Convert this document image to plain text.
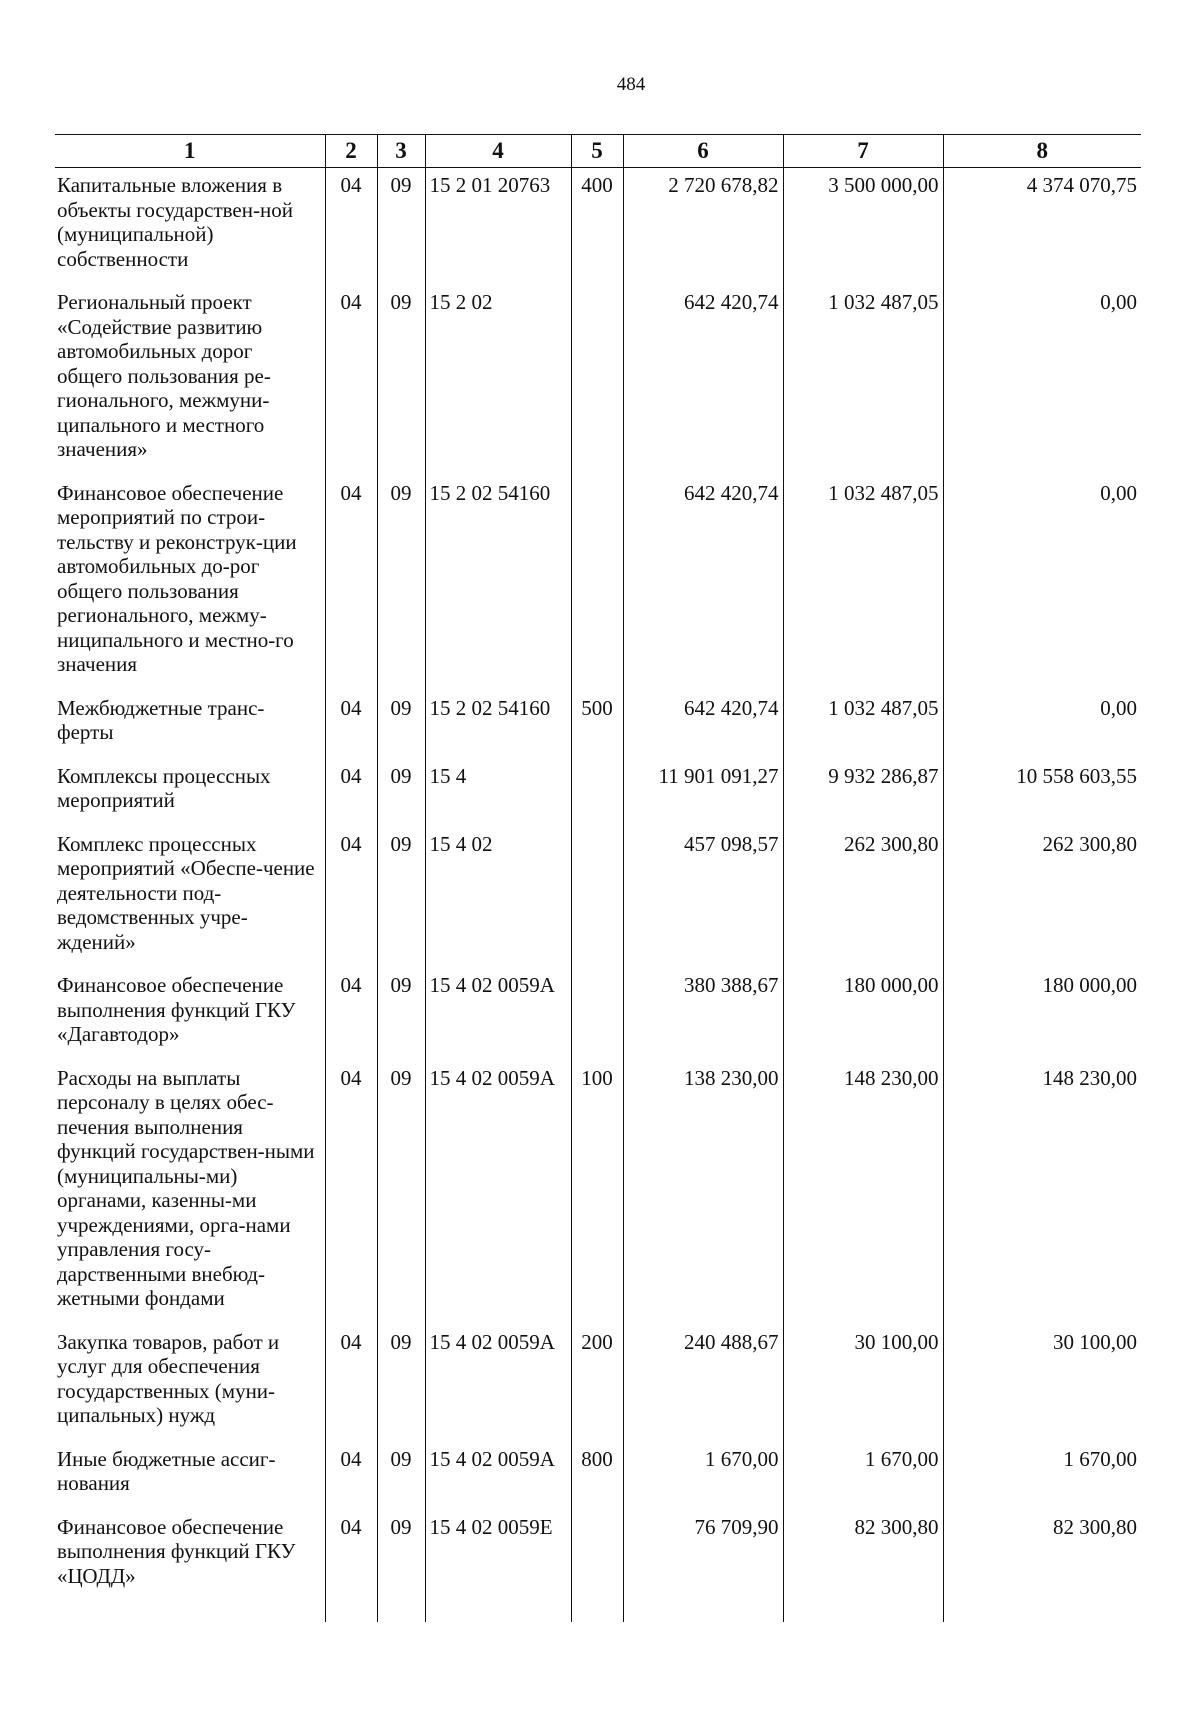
484
1	2	3	4	5	6	7	8
Капитальные вложения в объекты государствен-ной (муниципальной) собственности	04	09	15 2 01 20763	400	2 720 678,82	3 500 000,00	4 374 070,75
Региональный проект «Содействие развитию автомобильных дорог общего пользования ре-гионального, межмуни-ципального и местного значения»	04	09	15 2 02		642 420,74	1 032 487,05	0,00
Финансовое обеспечение мероприятий по строи-тельству и реконструк-ции автомобильных до-рог общего пользования регионального, межму-ниципального и местно-го значения	04	09	15 2 02 54160		642 420,74	1 032 487,05	0,00
Межбюджетные транс-ферты	04	09	15 2 02 54160	500	642 420,74	1 032 487,05	0,00
Комплексы процессных мероприятий	04	09	15 4		11 901 091,27	9 932 286,87	10 558 603,55
Комплекс процессных мероприятий «Обеспе-чение деятельности под-ведомственных учре-ждений»	04	09	15 4 02		457 098,57	262 300,80	262 300,80
Финансовое обеспечение выполнения функций ГКУ «Дагавтодор»	04	09	15 4 02 0059А		380 388,67	180 000,00	180 000,00
Расходы на выплаты персоналу в целях обес-печения выполнения функций государствен-ными (муниципальны-ми) органами, казенны-ми учреждениями, орга-нами управления госу-дарственными внебюд-жетными фондами	04	09	15 4 02 0059А	100	138 230,00	148 230,00	148 230,00
Закупка товаров, работ и услуг для обеспечения государственных (муни-ципальных) нужд	04	09	15 4 02 0059А	200	240 488,67	30 100,00	30 100,00
Иные бюджетные ассиг-нования	04	09	15 4 02 0059А	800	1 670,00	1 670,00	1 670,00
Финансовое обеспечение выполнения функций ГКУ «ЦОДД»	04	09	15 4 02 0059Е		76 709,90	82 300,80	82 300,80
